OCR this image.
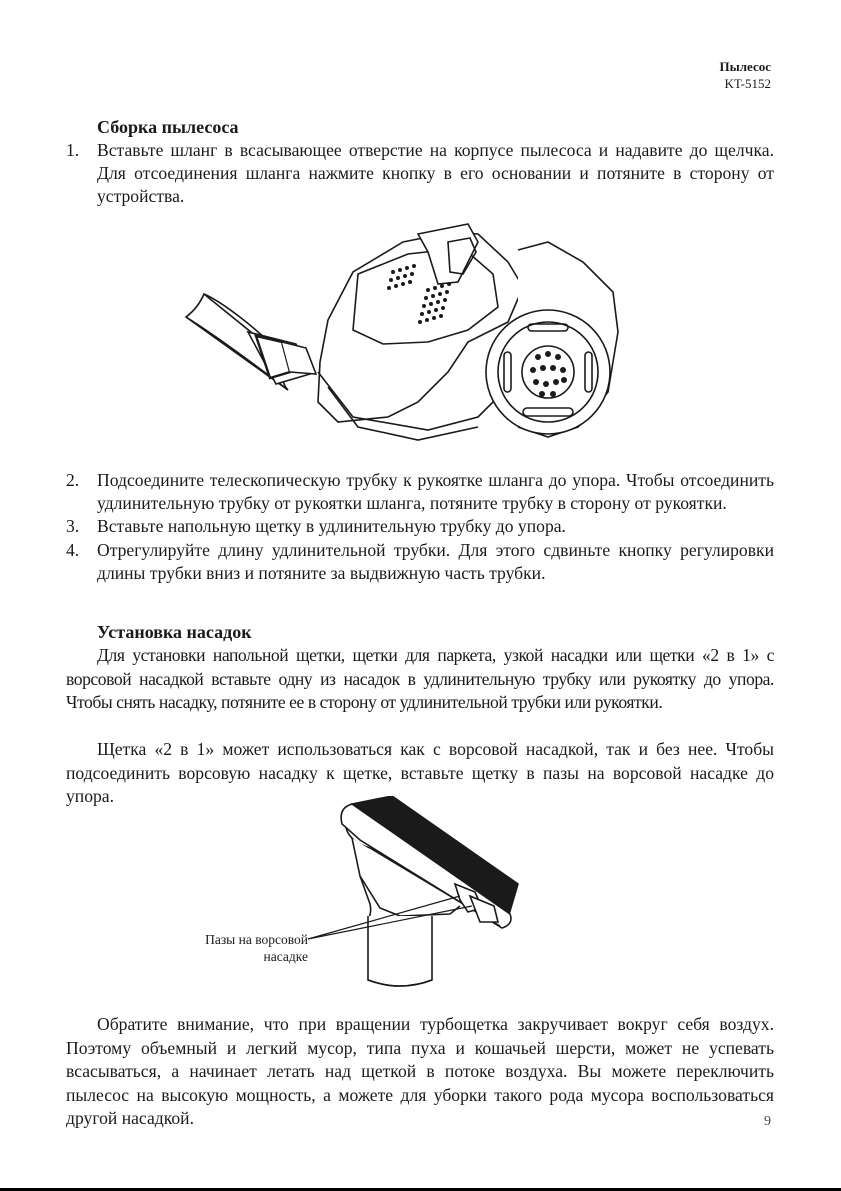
Пылесос
KT-5152
Сборка пылесоса
1.	Вставьте шланг в всасывающее отверстие на корпусе пылесоса и надавите до щелчка. Для отсоединения шланга нажмите кнопку в его основании и потяните в сторону от устройства.
2.	Подсоедините телескопическую трубку к рукоятке шланга до упора. Чтобы отсоединить удлинительную трубку от рукоятки шланга, потяните трубку в сторону от рукоятки.
3.	Вставьте напольную щетку в удлинительную трубку до упора.
4.	Отрегулируйте длину удлинительной трубки. Для этого сдвиньте кнопку регулировки длины трубки вниз и потяните за выдвижную часть трубки.
Установка насадок

Для установки напольной щетки, щетки для паркета, узкой насадки или щетки «2 в 1» с ворсовой насадкой вставьте одну из насадок в удлинительную трубку или рукоятку до упора. Чтобы снять насадку, потяните ее в сторону от удлинительной трубки или рукоятки.

Щетка «2 в 1» может использоваться как с ворсовой насадкой, так и без нее. Чтобы подсоединить ворсовую насадку к щетке, вставьте щетку в пазы на ворсовой насадке до упора.

Пазы на ворсовой
насадке

Обратите внимание, что при вращении турбощетка закручивает вокруг себя воздух. Поэтому объемный и легкий мусор, типа пуха и кошачьей шерсти, может не успевать всасываться, а начинает летать над щеткой в потоке воздуха. Вы можете переключить пылесос на высокую мощность, а можете для уборки такого рода мусора воспользоваться другой насадкой.	9
